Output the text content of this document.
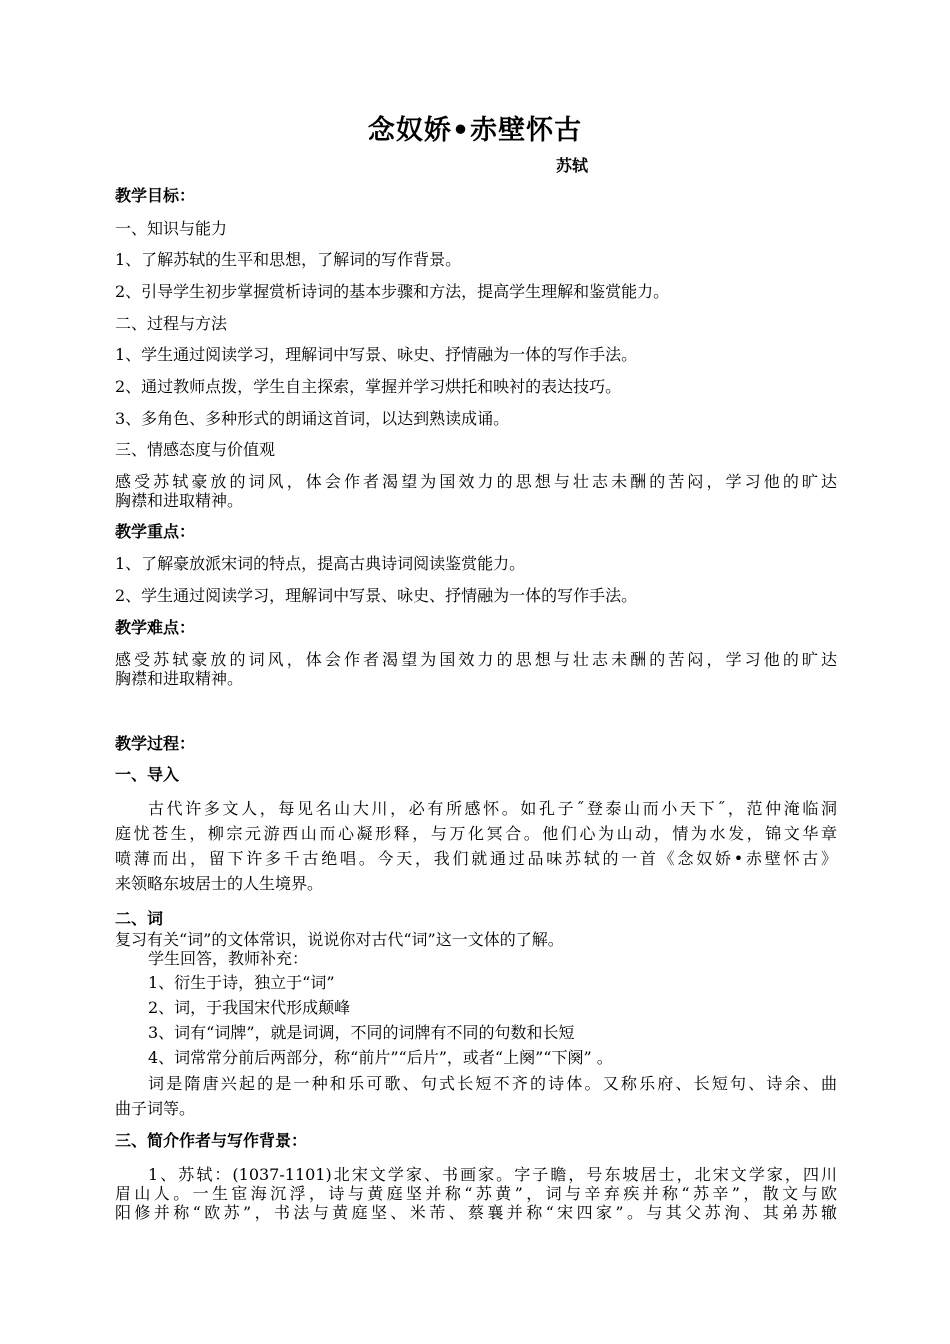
念奴娇•赤壁怀古
苏轼
教学目标：
一、知识与能力
1、了解苏轼的生平和思想，了解词的写作背景。
2、引导学生初步掌握赏析诗词的基本步骤和方法，提高学生理解和鉴赏能力。
二、过程与方法
1、学生通过阅读学习，理解词中写景、咏史、抒情融为一体的写作手法。
2、通过教师点拨，学生自主探索，掌握并学习烘托和映衬的表达技巧。
3、多角色、多种形式的朗诵这首词，以达到熟读成诵。
三、情感态度与价值观
感受苏轼豪放的词风，体会作者渴望为国效力的思想与壮志未酬的苦闷，学习他的旷达
胸襟和进取精神。
教学重点：
1、了解豪放派宋词的特点，提高古典诗词阅读鉴赏能力。
2、学生通过阅读学习，理解词中写景、咏史、抒情融为一体的写作手法。
教学难点：
感受苏轼豪放的词风，体会作者渴望为国效力的思想与壮志未酬的苦闷，学习他的旷达
胸襟和进取精神。
教学过程：
一、导入
古代许多文人，每见名山大川，必有所感怀。如孔子˝登泰山而小天下˝，范仲淹临洞
庭忧苍生，柳宗元游西山而心凝形释，与万化冥合。他们心为山动，情为水发，锦文华章
喷薄而出，留下许多千古绝唱。今天，我们就通过品味苏轼的一首《念奴娇•赤壁怀古》
来领略东坡居士的人生境界。
二、词
复习有关“词”的文体常识，说说你对古代“词”这一文体的了解。
学生回答，教师补充：
1、衍生于诗，独立于“词”
2、词，于我国宋代形成颠峰
3、词有“词牌”，就是词调，不同的词牌有不同的句数和长短
4、词常常分前后两部分，称“前片”“后片”，或者“上阕”“下阕” 。
词是隋唐兴起的是一种和乐可歌、句式长短不齐的诗体。又称乐府、长短句、诗余、曲
曲子词等。
三、简介作者与写作背景：
1、苏轼：(1037-1101)北宋文学家、书画家。字子瞻，号东坡居士，北宋文学家，四川
眉山人。一生宦海沉浮，诗与黄庭坚并称“苏黄”，词与辛弃疾并称“苏辛”，散文与欧
阳修并称“欧苏”，书法与黄庭坚、米芾、蔡襄并称“宋四家”。与其父苏洵、其弟苏辙
